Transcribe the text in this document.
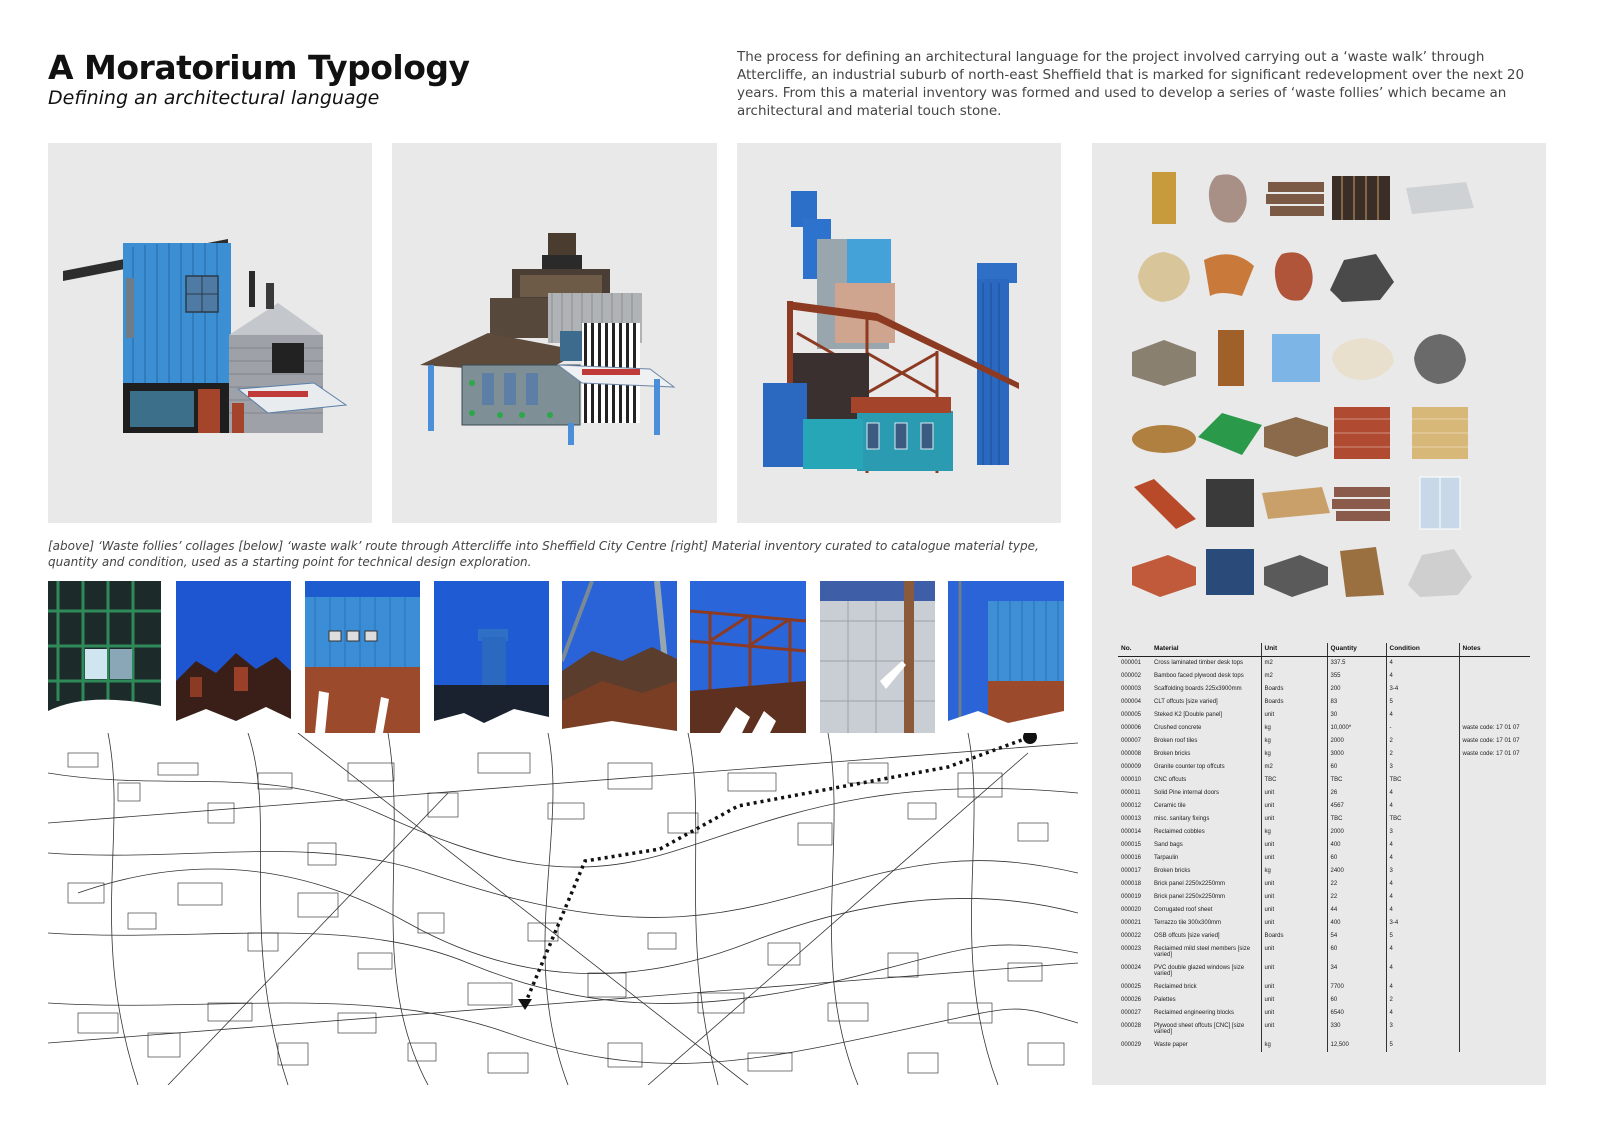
A Moratorium Typology
Defining an architectural language
The process for defining an architectural language for the project involved carrying out a ‘waste walk’ through Attercliffe, an industrial suburb of north-east Sheffield that is marked for significant redevelopment over the next 20 years. From this a material inventory was formed and used to develop a series of ‘waste follies’ which became an architectural and material touch stone.
[above] ‘Waste follies’ collages [below] ‘waste walk’ route through Attercliffe into Sheffield City Centre [right] Material inventory curated to catalogue material type, quantity and condition, used as a starting point for technical design exploration.
No.	Material	Unit	Quantity	Condition	Notes
000001	Cross laminated timber desk tops	m2	337.5	4	
000002	Bamboo faced plywood desk tops	m2	355	4	
000003	Scaffolding boards 225x3900mm	Boards	200	3-4	
000004	CLT offcuts [size varied]	Boards	83	5	
000005	Steked K2 [Double panel]	unit	30	4	
000006	Crushed concrete	kg	10,000*	-	waste code: 17 01 07
000007	Broken roof tiles	kg	2000	2	waste code: 17 01 07
000008	Broken bricks	kg	3000	2	waste code: 17 01 07
000009	Granite counter top offcuts	m2	60	3	
000010	CNC offcuts	TBC	TBC	TBC	
000011	Solid Pine internal doors	unit	26	4	
000012	Ceramic tile	unit	4567	4	
000013	misc. sanitary fixings	unit	TBC	TBC	
000014	Reclaimed cobbles	kg	2000	3	
000015	Sand bags	unit	400	4	
000016	Tarpaulin	unit	60	4	
000017	Broken bricks	kg	2400	3	
000018	Brick panel 2250x2250mm	unit	22	4	
000019	Brick panel 2250x2250mm	unit	22	4	
000020	Corrugated roof sheet	unit	44	4	
000021	Terrazzo tile 300x300mm	unit	400	3-4	
000022	OSB offcuts [size varied]	Boards	54	5	
000023	Reclaimed mild steel members [size varied]	unit	60	4	
000024	PVC double glazed windows [size varied]	unit	34	4	
000025	Reclaimed brick	unit	7700	4	
000026	Palettes	unit	60	2	
000027	Reclaimed engineering blocks	unit	6540	4	
000028	Plywood sheet offcuts [CNC] [size varied]	unit	330	3	
000029	Waste paper	kg	12,500	5	
